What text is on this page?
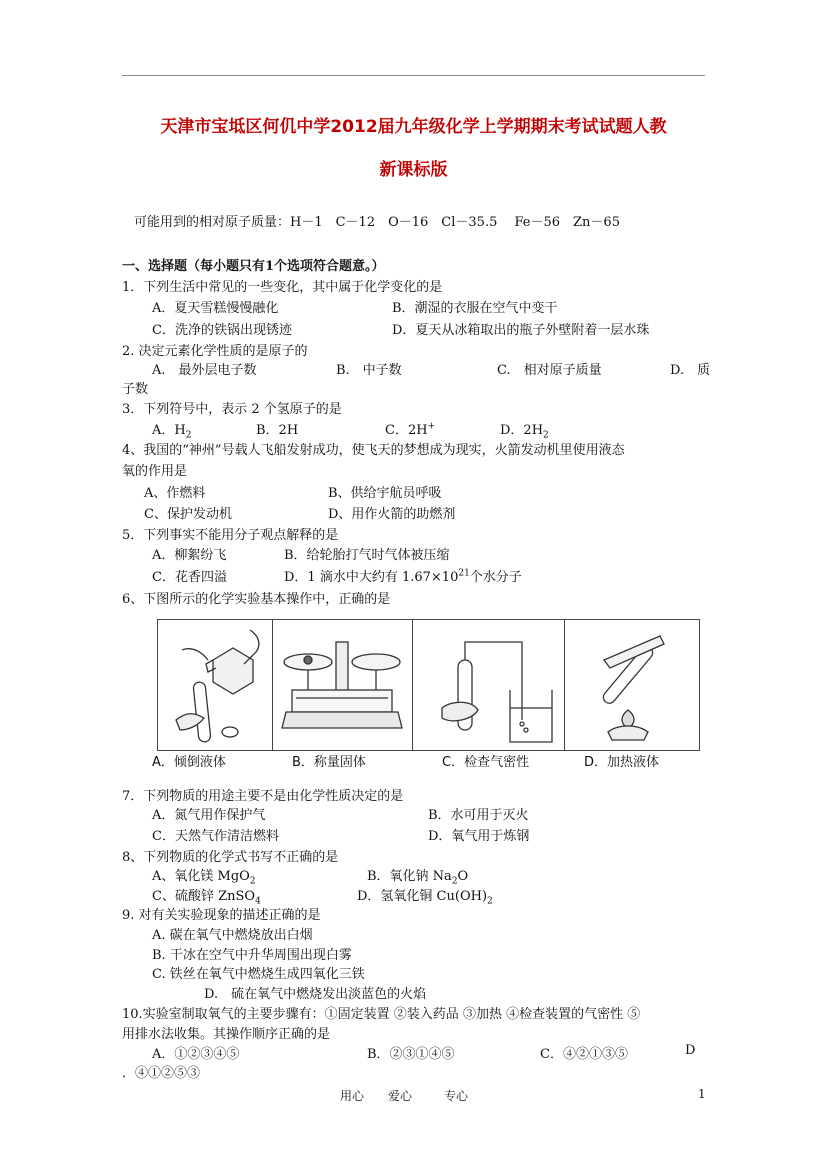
天津市宝坻区何仉中学2012届九年级化学上学期期末考试试题人教
新课标版
可能用到的相对原子质量：H－1　C－12　O－16　Cl－35.5　 Fe－56　Zn－65
一、选择题（每小题只有1个选项符合题意。）
1．下列生活中常见的一些变化，其中属于化学变化的是
A．夏天雪糕慢慢融化	B．潮湿的衣服在空气中变干
C．洗净的铁锅出现锈迹	D．夏天从冰箱取出的瓶子外壁附着一层水珠
2. 决定元素化学性质的是原子的
A.　最外层电子数	B.　中子数	C.　相对原子质量	D.　质
子数
3．下列符号中，表示 2 个氢原子的是
A．$H_2$	B．2H	C．2H+	D．$2H_2$
4、我国的“神州”号载人飞船发射成功，使飞天的梦想成为现实，火箭发动机里使用液态
氧的作用是
A、作燃料	B、供给宇航员呼吸
C、保护发动机	D、用作火箭的助燃剂
5．下列事实不能用分子观点解释的是
A．柳絮纷飞	B．给轮胎打气时气体被压缩
C．花香四溢	D．1 滴水中大约有 $1.67\times 10^{21}$个水分子
6、下图所示的化学实验基本操作中，正确的是
A．倾倒液体	B．称量固体	C．检查气密性	D．加热液体
7．下列物质的用途主要不是由化学性质决定的是
A．氮气用作保护气	B．水可用于灭火
C．天然气作清洁燃料	D．氧气用于炼钢
8、下列物质的化学式书写不正确的是
A、氧化镁 MgO$_2$	B．氧化钠 $Na_2O$
C、硫酸锌 ZnSO$_4$	D．氢氧化铜 $Cu(OH)_2$
9. 对有关实验现象的描述正确的是
A. 碳在氧气中燃烧放出白烟
B. 干冰在空气中升华周围出现白雾
C. 铁丝在氧气中燃烧生成四氧化三铁
D.　硫在氧气中燃烧发出淡蓝色的火焰
10.实验室制取氧气的主要步骤有：①固定装置 ②装入药品 ③加热 ④检查装置的气密性 ⑤
用排水法收集。其操作顺序正确的是
A．①②③④⑤	B．②③①④⑤	C．④②①③⑤	D
．④①②⑤③
用心 爱心	专心	1
